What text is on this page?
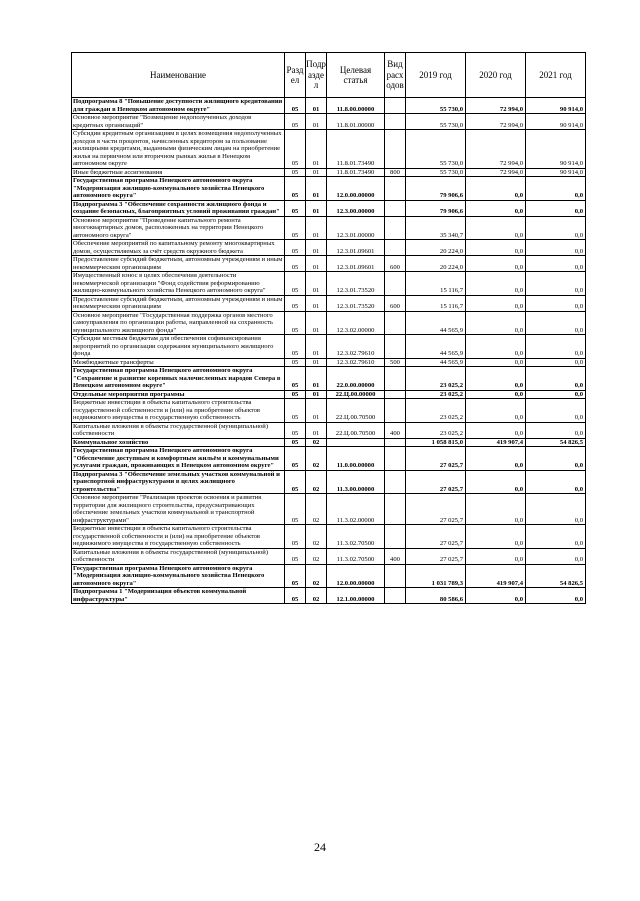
Наименование	Раздел	Подраздел	Целевая статья	Вид расходов	2019 год	2020 год	2021 год
Подпрограмма 8 "Повышение доступности жилищного кредитования для граждан в Ненецком автономном округе"	05	01	11.8.00.00000		55 730,0	72 994,0	90 914,0
Основное мероприятие "Возмещение недополученных доходов кредитных организаций"	05	01	11.8.01.00000		55 730,0	72 994,0	90 914,0
Субсидии кредитным организациям в целях возмещения недополученных доходов в части процентов, начисленных кредитором за пользование жилищными кредитами, выданными физическим лицам на приобретение жилья на первичном или вторичном рынках жилья в Ненецком автономном округе	05	01	11.8.01.73490		55 730,0	72 994,0	90 914,0
Иные бюджетные ассигнования	05	01	11.8.01.73490	800	55 730,0	72 994,0	90 914,0
Государственная программа Ненецкого автономного округа "Модернизация жилищно-коммунального хозяйства Ненецкого автономного округа"	05	01	12.0.00.00000		79 906,6	0,0	0,0
Подпрограмма 3 "Обеспечение сохранности жилищного фонда и создание безопасных, благоприятных условий проживания граждан"	05	01	12.3.00.00000		79 906,6	0,0	0,0
Основное мероприятие "Проведение капитального ремонта многоквартирных домов, расположенных на территории Ненецкого автономного округа"	05	01	12.3.01.00000		35 340,7	0,0	0,0
Обеспечение мероприятий по капитальному ремонту многоквартирных домов, осуществляемых за счёт средств окружного бюджета	05	01	12.3.01.09601		20 224,0	0,0	0,0
Предоставление субсидий бюджетным, автономным учреждениям и иным некоммерческим организациям	05	01	12.3.01.09601	600	20 224,0	0,0	0,0
Имущественный взнос в целях обеспечения деятельности некоммерческой организации "Фонд содействия реформированию жилищно-коммунального хозяйства Ненецкого автономного округа"	05	01	12.3.01.73520		15 116,7	0,0	0,0
Предоставление субсидий бюджетным, автономным учреждениям и иным некоммерческим организациям	05	01	12.3.01.73520	600	15 116,7	0,0	0,0
Основное мероприятие "Государственная поддержка органов местного самоуправления по организации работы, направленной на сохранность муниципального жилищного фонда"	05	01	12.3.02.00000		44 565,9	0,0	0,0
Субсидии местным бюджетам для обеспечения софинансирования мероприятий по организации содержания муниципального жилищного фонда	05	01	12.3.02.79610		44 565,9	0,0	0,0
Межбюджетные трансферты	05	01	12.3.02.79610	500	44 565,9	0,0	0,0
Государственная программа Ненецкого автономного округа "Сохранение и развитие коренных малочисленных народов Севера в Ненецком автономном округе"	05	01	22.0.00.00000		23 025,2	0,0	0,0
Отдельные мероприятия программы	05	01	22.Ц.00.00000		23 025,2	0,0	0,0
Бюджетные инвестиции в объекты капитального строительства государственной собственности и (или) на приобретение объектов недвижимого имущества в государственную собственность	05	01	22.Ц.00.70500		23 025,2	0,0	0,0
Капитальные вложения в объекты государственной (муниципальной) собственности	05	01	22.Ц.00.70500	400	23 025,2	0,0	0,0
Коммунальное хозяйство	05	02			1 058 815,0	419 907,4	54 826,5
Государственная программа Ненецкого автономного округа "Обеспечение доступным и комфортным жильём и коммунальными услугами граждан, проживающих в Ненецком автономном округе"	05	02	11.0.00.00000		27 025,7	0,0	0,0
Подпрограмма 3 "Обеспечение земельных участков коммунальной и транспортной инфраструктурами в целях жилищного строительства"	05	02	11.3.00.00000		27 025,7	0,0	0,0
Основное мероприятие "Реализация проектов освоения и развития территории для жилищного строительства, предусматривающих обеспечение земельных участков коммунальной и транспортной инфраструктурами"	05	02	11.3.02.00000		27 025,7	0,0	0,0
Бюджетные инвестиции в объекты капитального строительства государственной собственности и (или) на приобретение объектов недвижимого имущества в государственную собственность	05	02	11.3.02.70500		27 025,7	0,0	0,0
Капитальные вложения в объекты государственной (муниципальной) собственности	05	02	11.3.02.70500	400	27 025,7	0,0	0,0
Государственная программа Ненецкого автономного округа "Модернизация жилищно-коммунального хозяйства Ненецкого автономного округа"	05	02	12.0.00.00000		1 031 789,3	419 907,4	54 826,5
Подпрограмма 1 "Модернизация объектов коммунальной инфраструктуры"	05	02	12.1.00.00000		80 586,6	0,0	0,0
24
